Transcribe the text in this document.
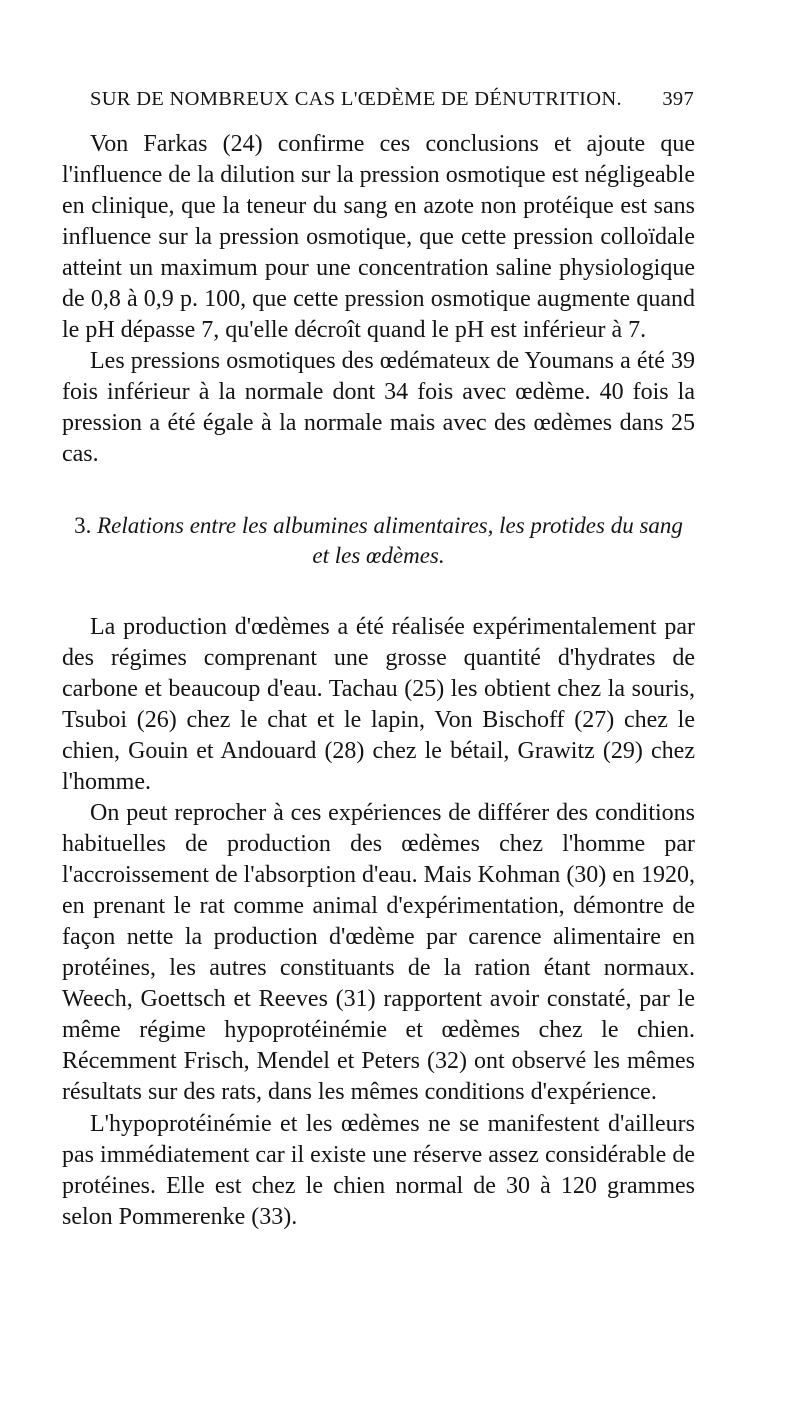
SUR DE NOMBREUX CAS L'ŒDÈME DE DÉNUTRITION. 397

Von Farkas (24) confirme ces conclusions et ajoute que l'influence de la dilution sur la pression osmotique est négligeable en clinique, que la teneur du sang en azote non protéique est sans influence sur la pression osmotique, que cette pression colloïdale atteint un maximum pour une concentration saline physiologique de 0,8 à 0,9 p. 100, que cette pression osmotique augmente quand le pH dépasse 7, qu'elle décroît quand le pH est inférieur à 7.

Les pressions osmotiques des œdémateux de Youmans a été 39 fois inférieur à la normale dont 34 fois avec œdème. 40 fois la pression a été égale à la normale mais avec des œdèmes dans 25 cas.

3. Relations entre les albumines alimentaires, les protides du sang
et les œdèmes.

La production d'œdèmes a été réalisée expérimentalement par des régimes comprenant une grosse quantité d'hydrates de carbone et beaucoup d'eau. Tachau (25) les obtient chez la souris, Tsuboi (26) chez le chat et le lapin, Von Bischoff (27) chez le chien, Gouin et Andouard (28) chez le bétail, Grawitz (29) chez l'homme.

On peut reprocher à ces expériences de différer des conditions habituelles de production des œdèmes chez l'homme par l'accroissement de l'absorption d'eau. Mais Kohman (30) en 1920, en prenant le rat comme animal d'expérimentation, démontre de façon nette la production d'œdème par carence alimentaire en protéines, les autres constituants de la ration étant normaux. Weech, Goettsch et Reeves (31) rapportent avoir constaté, par le même régime hypoprotéinémie et œdèmes chez le chien. Récemment Frisch, Mendel et Peters (32) ont observé les mêmes résultats sur des rats, dans les mêmes conditions d'expérience.

L'hypoprotéinémie et les œdèmes ne se manifestent d'ailleurs pas immédiatement car il existe une réserve assez considérable de protéines. Elle est chez le chien normal de 30 à 120 grammes selon Pommerenke (33).
